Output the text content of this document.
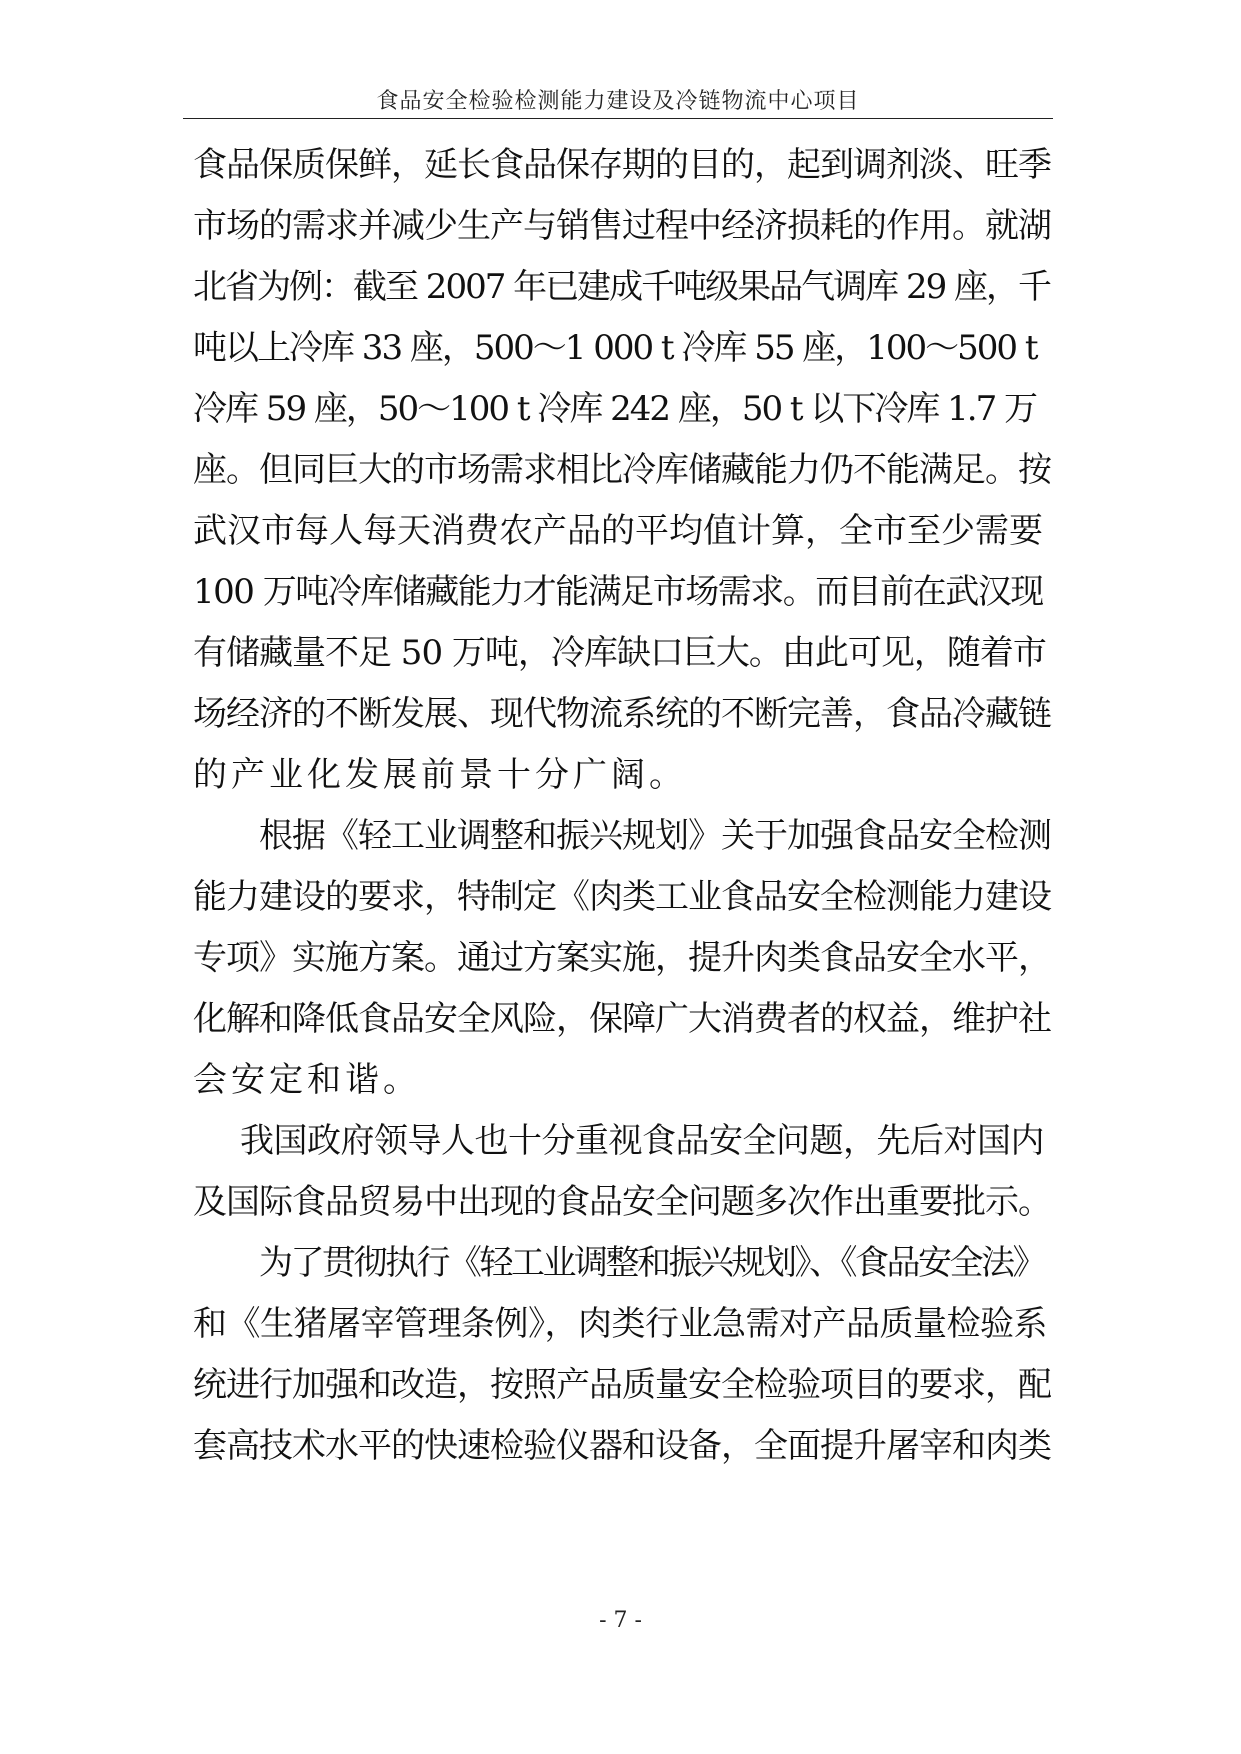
食品安全检验检测能力建设及冷链物流中心项目
食品保质保鲜，延长食品保存期的目的，起到调剂淡、旺季
市场的需求并减少生产与销售过程中经济损耗的作用。就湖
北省为例：截至 2007 年已建成千吨级果品气调库 29 座，千
吨以上冷库 33 座，500～1 000 t 冷库 55 座，100～500 t
冷库 59 座，50～100 t 冷库 242 座，50 t 以下冷库 1.7 万
座。但同巨大的市场需求相比冷库储藏能力仍不能满足。按
武汉市每人每天消费农产品的平均值计算，全市至少需要
100 万吨冷库储藏能力才能满足市场需求。而目前在武汉现
有储藏量不足 50 万吨，冷库缺口巨大。由此可见，随着市
场经济的不断发展、现代物流系统的不断完善，食品冷藏链
的产业化发展前景十分广阔。
根据《轻工业调整和振兴规划》关于加强食品安全检测
能力建设的要求，特制定《肉类工业食品安全检测能力建设
专项》实施方案。通过方案实施，提升肉类食品安全水平，
化解和降低食品安全风险，保障广大消费者的权益，维护社
会安定和谐。
我国政府领导人也十分重视食品安全问题，先后对国内
及国际食品贸易中出现的食品安全问题多次作出重要批示。
为了贯彻执行《轻工业调整和振兴规划》、《食品安全法》
和《生猪屠宰管理条例》，肉类行业急需对产品质量检验系
统进行加强和改造，按照产品质量安全检验项目的要求，配
套高技术水平的快速检验仪器和设备，全面提升屠宰和肉类
- 7 -
